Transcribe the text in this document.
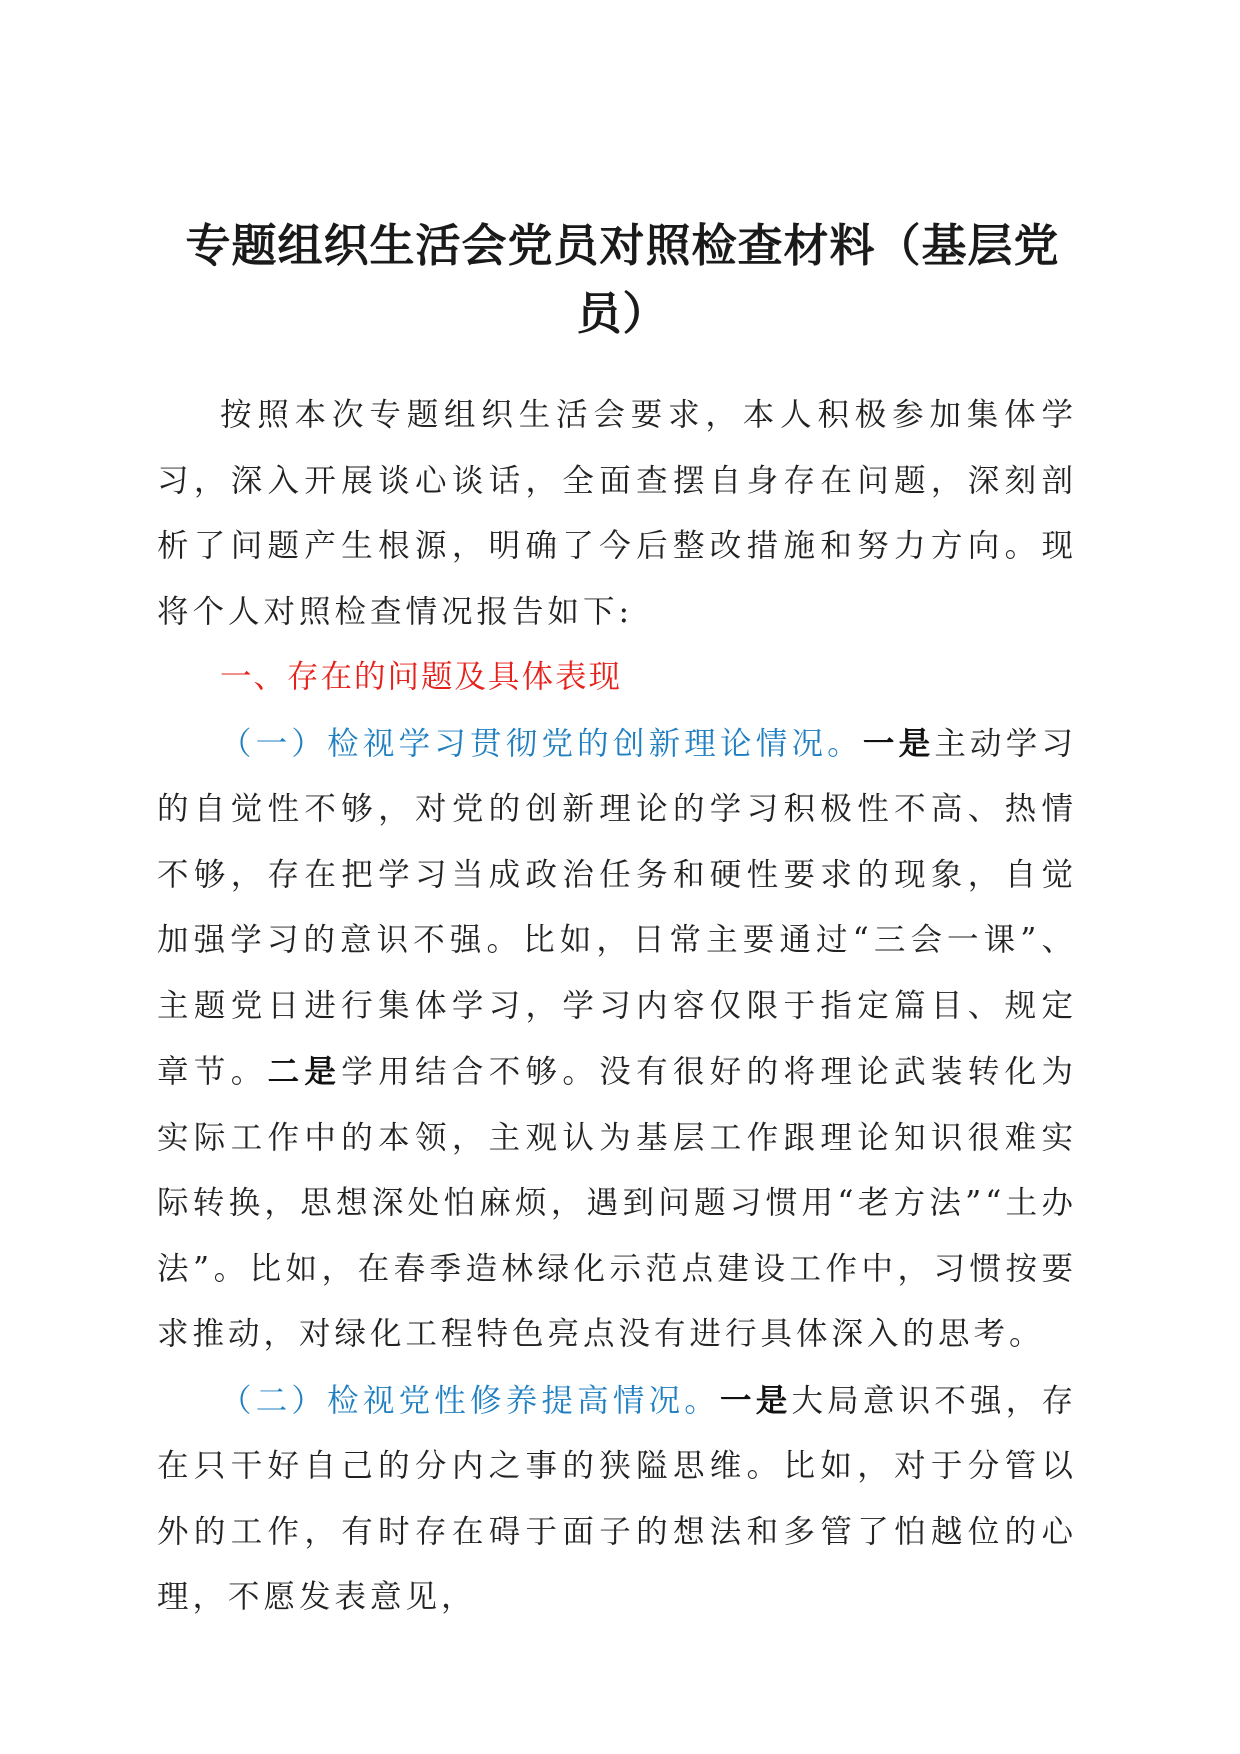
专题组织生活会党员对照检查材料（基层党员）

按照本次专题组织生活会要求，本人积极参加集体学习，深入开展谈心谈话，全面查摆自身存在问题，深刻剖析了问题产生根源，明确了今后整改措施和努力方向。现将个人对照检查情况报告如下:

一、存在的问题及具体表现

（一）检视学习贯彻党的创新理论情况。一是主动学习的自觉性不够，对党的创新理论的学习积极性不高、热情不够，存在把学习当成政治任务和硬性要求的现象，自觉加强学习的意识不强。比如，日常主要通过“三会一课”、主题党日进行集体学习，学习内容仅限于指定篇目、规定章节。二是学用结合不够。没有很好的将理论武装转化为实际工作中的本领，主观认为基层工作跟理论知识很难实际转换，思想深处怕麻烦，遇到问题习惯用“老方法”“土办法”。比如，在春季造林绿化示范点建设工作中，习惯按要求推动，对绿化工程特色亮点没有进行具体深入的思考。

（二）检视党性修养提高情况。一是大局意识不强，存在只干好自己的分内之事的狭隘思维。比如，对于分管以外的工作，有时存在碍于面子的想法和多管了怕越位的心理，不愿发表意见，
